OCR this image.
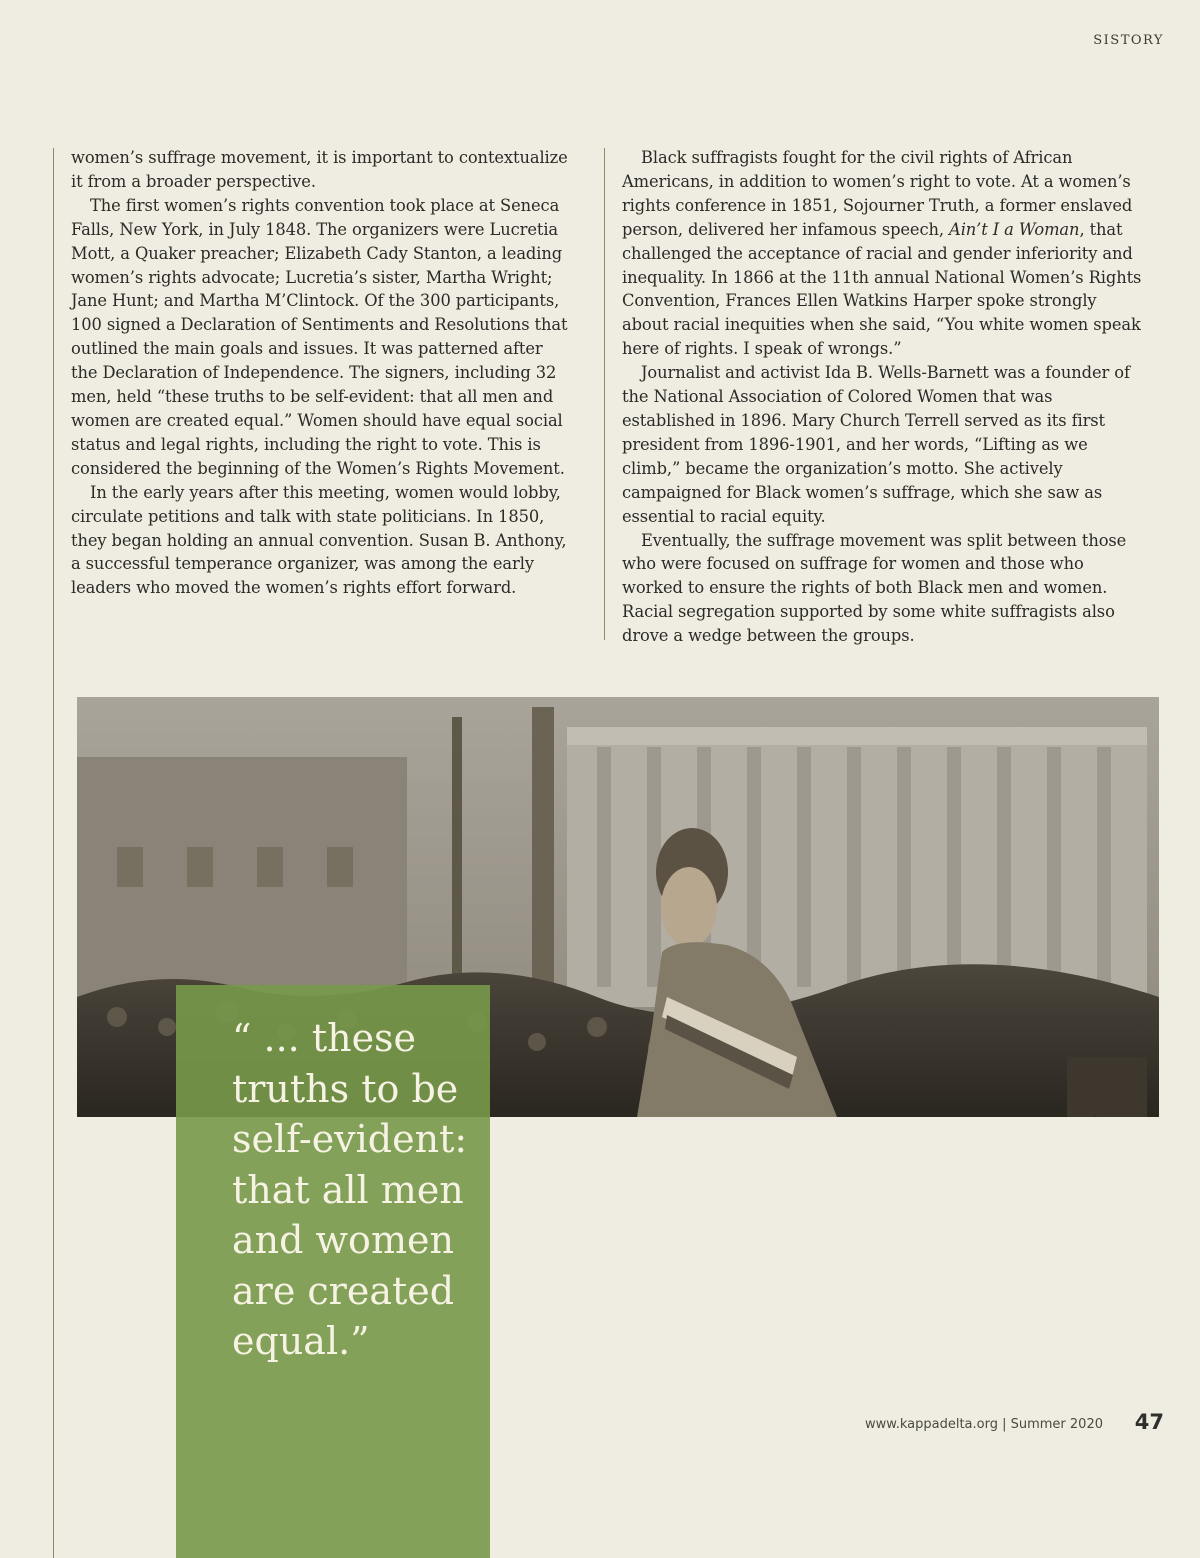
SISTORY

women’s suffrage movement, it is important to contextualize it from a broader perspective.

The first women’s rights convention took place at Seneca Falls, New York, in July 1848. The organizers were Lucretia Mott, a Quaker preacher; Elizabeth Cady Stanton, a leading women’s rights advocate; Lucretia’s sister, Martha Wright; Jane Hunt; and Martha M’Clintock. Of the 300 participants, 100 signed a Declaration of Sentiments and Resolutions that outlined the main goals and issues. It was patterned after the Declaration of Independence. The signers, including 32 men, held “these truths to be self-evident: that all men and women are created equal.” Women should have equal social status and legal rights, including the right to vote. This is considered the beginning of the Women’s Rights Movement.

In the early years after this meeting, women would lobby, circulate petitions and talk with state politicians. In 1850, they began holding an annual convention. Susan B. Anthony, a successful temperance organizer, was among the early leaders who moved the women’s rights effort forward.

Black suffragists fought for the civil rights of African Americans, in addition to women’s right to vote. At a women’s rights conference in 1851, Sojourner Truth, a former enslaved person, delivered her infamous speech, Ain’t I a Woman, that challenged the acceptance of racial and gender inferiority and inequality. In 1866 at the 11th annual National Women’s Rights Convention, Frances Ellen Watkins Harper spoke strongly about racial inequities when she said, “You white women speak here of rights. I speak of wrongs.”

Journalist and activist Ida B. Wells-Barnett was a founder of the National Association of Colored Women that was established in 1896. Mary Church Terrell served as its first president from 1896-1901, and her words, “Lifting as we climb,” became the organization’s motto. She actively campaigned for Black women’s suffrage, which she saw as essential to racial equity.

Eventually, the suffrage movement was split between those who were focused on suffrage for women and those who worked to ensure the rights of both Black men and women. Racial segregation supported by some white suffragists also drove a wedge between the groups.

“ ... these
truths to be
self-evident:
that all men
and women
are created
equal.”
www.kappadelta.org | Summer 2020 47
